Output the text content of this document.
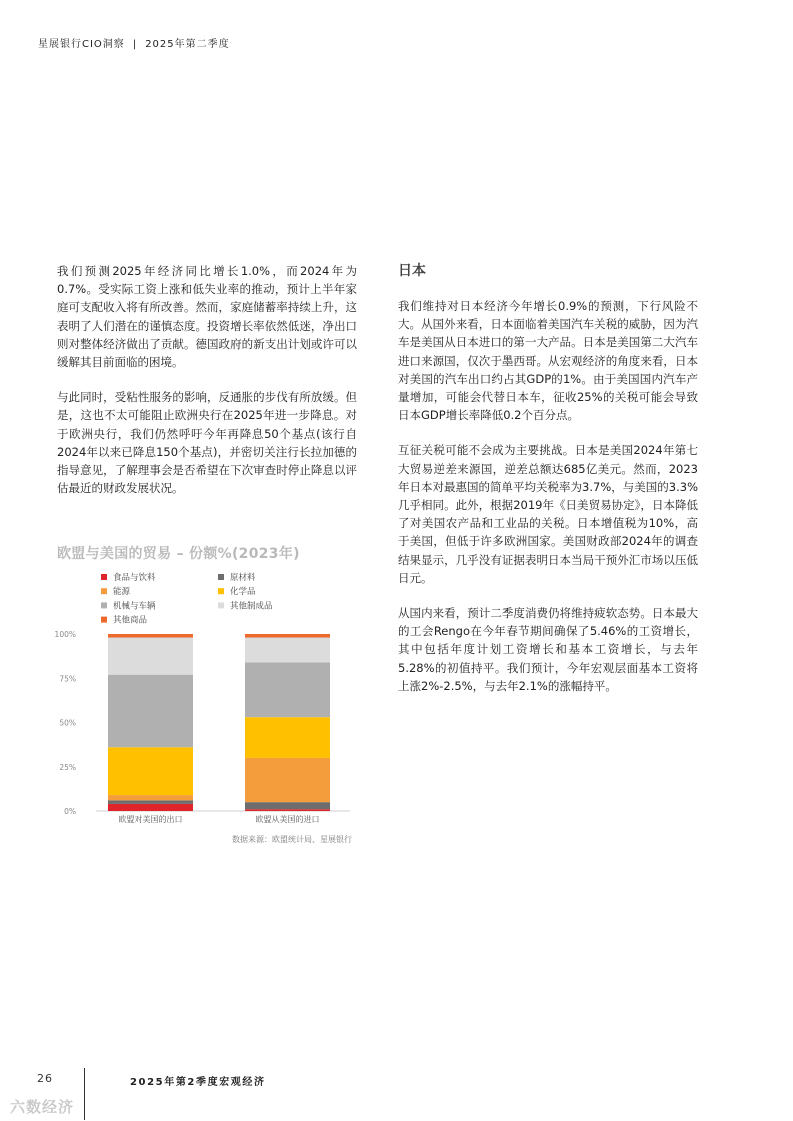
星展银行CIO洞察 | 2025年第二季度

我们预测2025年经济同比增长1.0%，而2024年为0.7%。受实际工资上涨和低失业率的推动，预计上半年家庭可支配收入将有所改善。然而，家庭储蓄率持续上升，这表明了人们潜在的谨慎态度。投资增长率依然低迷，净出口则对整体经济做出了贡献。德国政府的新支出计划或许可以缓解其目前面临的困境。

与此同时，受粘性服务的影响，反通胀的步伐有所放缓。但是，这也不太可能阻止欧洲央行在2025年进一步降息。对于欧洲央行，我们仍然呼吁今年再降息50个基点(该行自2024年以来已降息150个基点)，并密切关注行长拉加德的指导意见，了解理事会是否希望在下次审查时停止降息以评估最近的财政发展状况。

日本

我们维持对日本经济今年增长0.9%的预测，下行风险不大。从国外来看，日本面临着美国汽车关税的威胁，因为汽车是美国从日本进口的第一大产品。日本是美国第二大汽车进口来源国，仅次于墨西哥。从宏观经济的角度来看，日本对美国的汽车出口约占其GDP的1%。由于美国国内汽车产量增加，可能会代替日本车，征收25%的关税可能会导致日本GDP增长率降低0.2个百分点。

互征关税可能不会成为主要挑战。日本是美国2024年第七大贸易逆差来源国，逆差总额达685亿美元。然而，2023年日本对最惠国的简单平均关税率为3.7%，与美国的3.3%几乎相同。此外，根据2019年《日美贸易协定》，日本降低了对美国农产品和工业品的关税。日本增值税为10%，高于美国，但低于许多欧洲国家。美国财政部2024年的调查结果显示，几乎没有证据表明日本当局干预外汇市场以压低日元。

从国内来看，预计二季度消费仍将维持疲软态势。日本最大的工会Rengo在今年春节期间确保了5.46%的工资增长，其中包括年度计划工资增长和基本工资增长，与去年5.28%的初值持平。我们预计，今年宏观层面基本工资将上涨2%-2.5%，与去年2.1%的涨幅持平。

欧盟与美国的贸易 – 份额%(2023年)
食品与饮料	原材料
能源	化学品
机械与车辆	其他制成品
其他商品
0%
25%
50%
75%
100%
欧盟对美国的出口	欧盟从美国的进口
数据来源：欧盟统计局、星展银行
26	2025年第2季度宏观经济
六数经济
